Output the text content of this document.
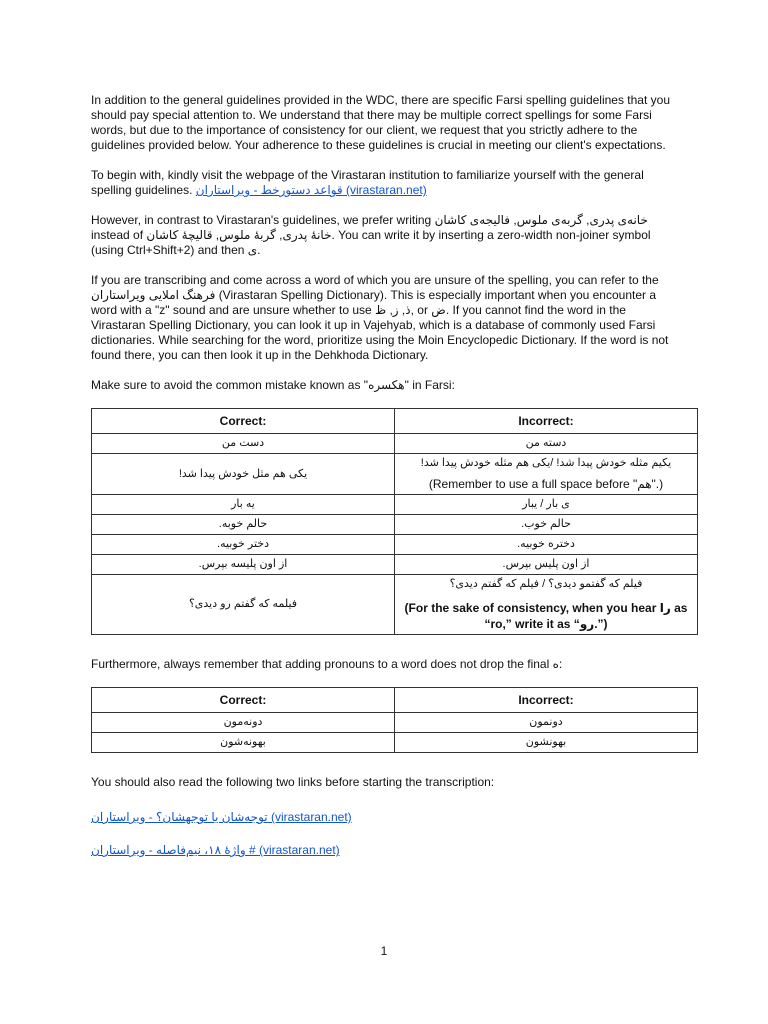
In addition to the general guidelines provided in the WDC, there are specific Farsi spelling guidelines that you should pay special attention to. We understand that there may be multiple correct spellings for some Farsi words, but due to the importance of consistency for our client, we request that you strictly adhere to the guidelines provided below. Your adherence to these guidelines is crucial in meeting our client's expectations.

To begin with, kindly visit the webpage of the Virastaran institution to familiarize yourself with the general spelling guidelines. قواعد دستورخط - ویراستاران (virastaran.net)

However, in contrast to Virastaran's guidelines, we prefer writing خانه‌ی پدری, گربه‌ی ملوس, فالیجه‌ی کاشان instead of خانهٔ پدری, گربهٔ ملوس, قالیچهٔ کاشان. You can write it by inserting a zero-width non-joiner symbol (using Ctrl+Shift+2) and then ی.

If you are transcribing and come across a word of which you are unsure of the spelling, you can refer to the فرهنگ املایی ویراستاران (Virastaran Spelling Dictionary). This is especially important when you encounter a word with a "z" sound and are unsure whether to use ذ, ز, ظ, or ض. If you cannot find the word in the Virastaran Spelling Dictionary, you can look it up in Vajehyab, which is a database of commonly used Farsi dictionaries. While searching for the word, prioritize using the Moin Encyclopedic Dictionary. If the word is not found there, you can then look it up in the Dehkhoda Dictionary.

Make sure to avoid the common mistake known as "هکسره" in Farsi:

Correct:	Incorrect:
دست من	دسته من
یکی هم مثل خودش پیدا شد!	یکیم مثله خودش پیدا شد! /یکی هم مثله خودش پیدا شد!
(Remember to use a full space before "هم".)

یه بار	ی بار / یبار
حالم خوبه.	حالم خوب.
دختر خوبیه.	دختره خوبیه.
از اون پلیسه بپرس.	از اون پلیس بپرس.
فیلمه که گفتم رو دیدی؟	فیلم که گفتمو دیدی؟ / فیلم که گفتم دیدی؟
(For the sake of consistency, when you hear را as “ro,” write it as “رو.”)

Furthermore, always remember that adding pronouns to a word does not drop the final ه:

Correct:	Incorrect:
دونه‌مون	دونمون
بهونه‌شون	بهونشون

You should also read the following two links before starting the transcription:

توجه‌شان یا توجهشان؟ - ویراستاران (virastaran.net)

واژهٔ ۱۸، نیم‌فاصله - ویراستاران # (virastaran.net)

1
